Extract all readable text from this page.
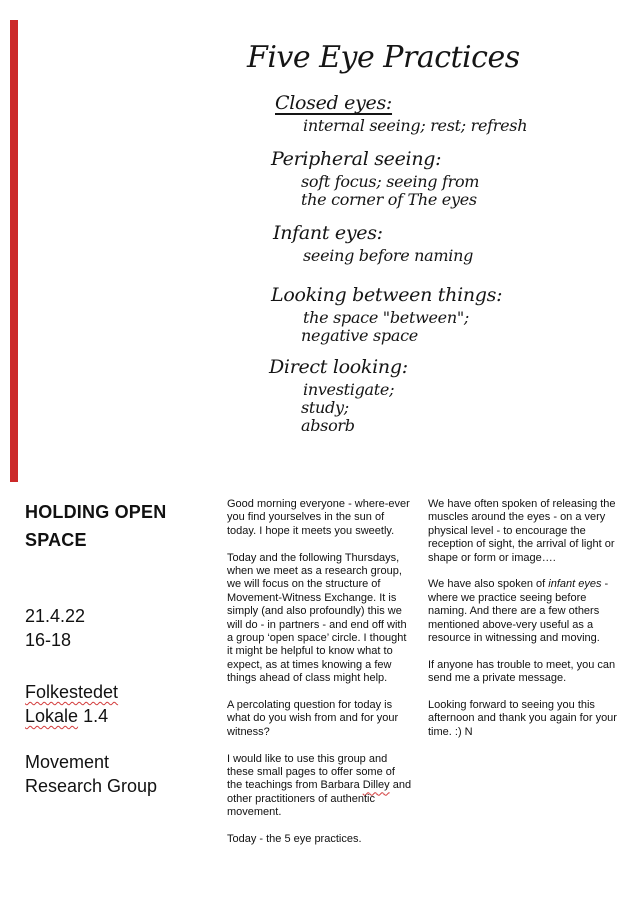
Five Eye Practices
Closed eyes:
internal seeing; rest; refresh
Peripheral seeing:
soft focus; seeing from
the corner of The eyes
Infant eyes:
seeing before naming
Looking between things:
the space "between";
negative space
Direct looking:
investigate;
study;
absorb
HOLDING OPEN SPACE
21.4.22
16-18
Folkestedet
Lokale 1.4
Movement
Research Group

Good morning everyone - where-ever you find yourselves in the sun of today. I hope it meets you sweetly.

Today and the following Thursdays, when we meet as a research group, we will focus on the structure of Movement-Witness Exchange. It is simply (and also profoundly) this we will do - in partners - and end off with a group ‘open space’ circle. I thought it might be helpful to know what to expect, as at times knowing a few things ahead of class might help.

A percolating question for today is what do you wish from and for your witness?

I would like to use this group and these small pages to offer some of the teachings from Barbara Dilley and other practitioners of authentic movement.

Today - the 5 eye practices.

We have often spoken of releasing the muscles around the eyes - on a very physical level - to encourage the reception of sight, the arrival of light or shape or form or image….

We have also spoken of infant eyes - where we practice seeing before naming. And there are a few others mentioned above-very useful as a resource in witnessing and moving.

If anyone has trouble to meet, you can send me a private message.

Looking forward to seeing you this afternoon and thank you again for your time. :) N
